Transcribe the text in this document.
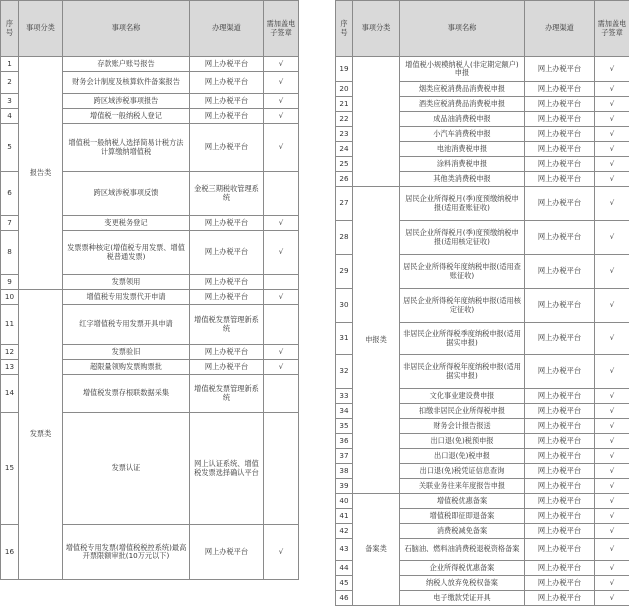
序号	事项分类	事项名称	办理渠道	需加盖电子签章
1	报告类	存款账户账号报告	网上办税平台	√
2		财务会计制度及核算软件备案报告	网上办税平台	√
3		跨区域涉税事项报告	网上办税平台	√
4		增值税一般纳税人登记	网上办税平台	√
5		增值税一般纳税人选择简易计税方法计算缴纳增值税	网上办税平台	√
6		跨区域涉税事项反馈	金税三期税收管理系统	
7		变更税务登记	网上办税平台	√
8		发票票种核定(增值税专用发票、增值税普通发票)	网上办税平台	√
9		发票领用	网上办税平台	
10	发票类	增值税专用发票代开申请	网上办税平台	√
11		红字增值税专用发票开具申请	增值税发票管理新系统	
12		发票验旧	网上办税平台	√
13		超限量领购发票购票批	网上办税平台	√
14		增值税发票存根联数据采集	增值税发票管理新系统	
15		发票认证	网上认证系统、增值税发票选择确认平台	
16		增值税专用发票(增值税税控系统)最高开票限额审批(10万元以下)	网上办税平台	√
序号	事项分类	事项名称	办理渠道	需加盖电子签章
19		增值税小规模纳税人(非定期定额户)申报	网上办税平台	√
20		烟类应税消费品消费税申报	网上办税平台	√
21		酒类应税消费品消费税申报	网上办税平台	√
22		成品油消费税申报	网上办税平台	√
23		小汽车消费税申报	网上办税平台	√
24		电池消费税申报	网上办税平台	√
25		涂料消费税申报	网上办税平台	√
26		其他类消费税申报	网上办税平台	√
27	申报类	居民企业所得税月(季)度预缴纳税申报(适用查账征收)	网上办税平台	√
28		居民企业所得税月(季)度预缴纳税申报(适用核定征收)	网上办税平台	√
29		居民企业所得税年度纳税申报(适用查账征收)	网上办税平台	√
30		居民企业所得税年度纳税申报(适用核定征收)	网上办税平台	√
31		非居民企业所得税季度纳税申报(适用据实申报)	网上办税平台	√
32		非居民企业所得税年度纳税申报(适用据实申报)	网上办税平台	√
33		文化事业建设费申报	网上办税平台	√
34		扣缴非居民企业所得税申报	网上办税平台	√
35		财务会计报告报送	网上办税平台	√
36		出口退(免)税预申报	网上办税平台	√
37		出口退(免)税申报	网上办税平台	√
38		出口退(免)税凭证信息查询	网上办税平台	√
39		关联业务往来年度报告申报	网上办税平台	√
40	备案类	增值税优惠备案	网上办税平台	√
41		增值税即征即退备案	网上办税平台	√
42		消费税减免备案	网上办税平台	√
43		石脑油、燃料油消费税退税资格备案	网上办税平台	√
44		企业所得税优惠备案	网上办税平台	√
45		纳税人放弃免税权备案	网上办税平台	√
46		电子缴款凭证开具	网上办税平台	√
